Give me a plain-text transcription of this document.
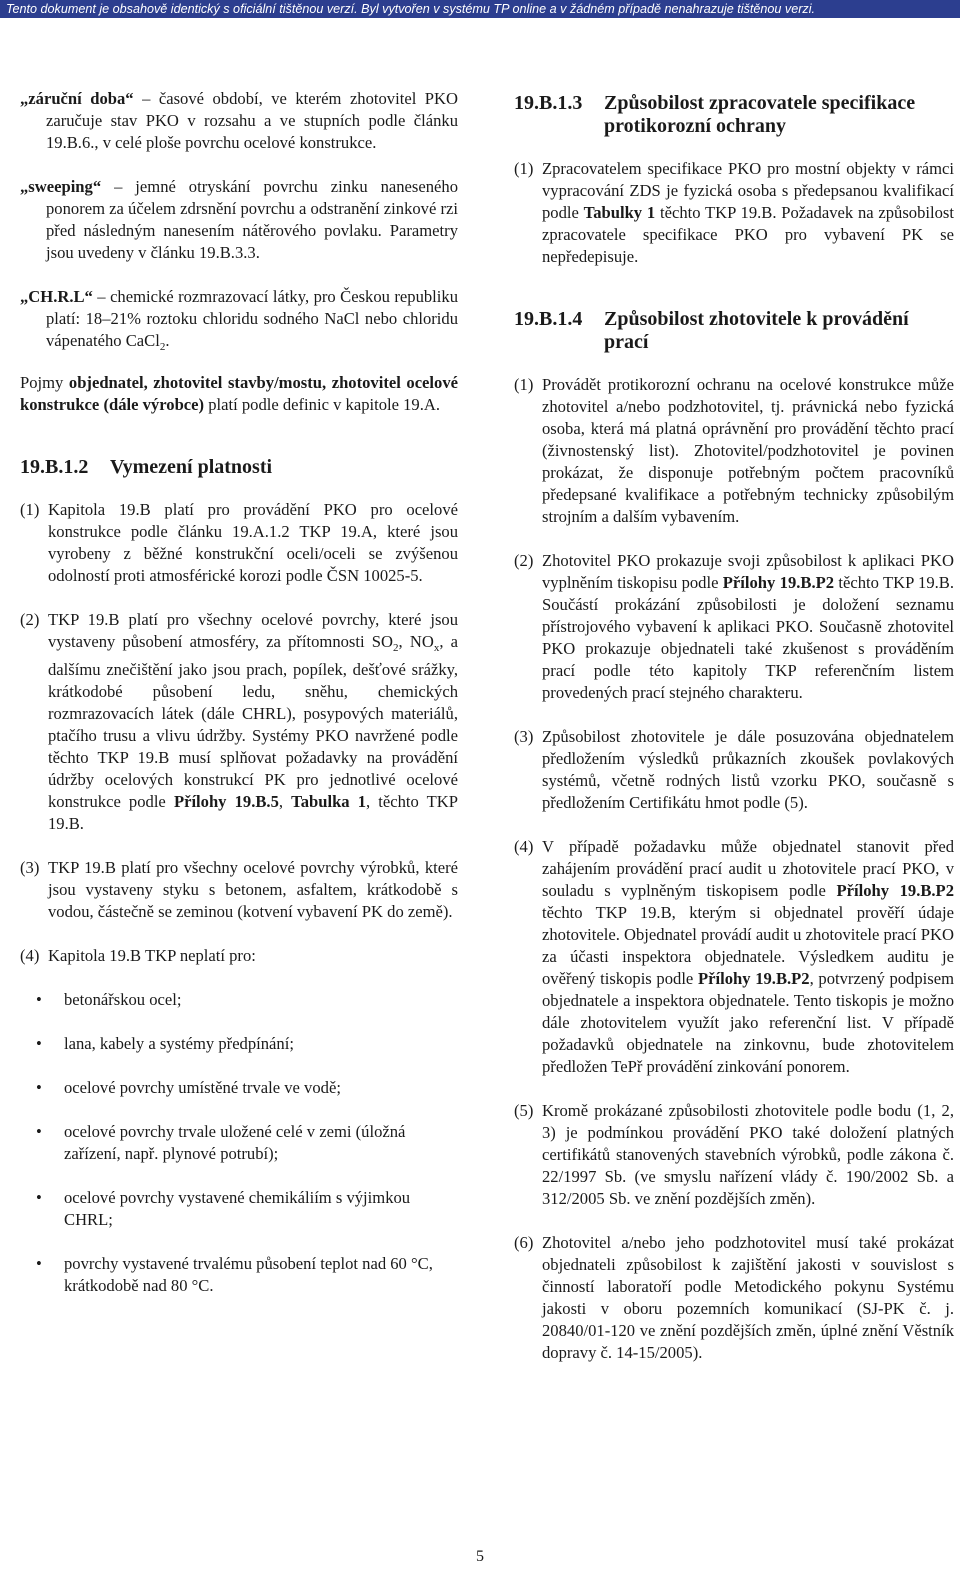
Tento dokument je obsahově identický s oficiální tištěnou verzí. Byl vytvořen v systému TP online a v žádném případě nenahrazuje tištěnou verzi.

„záruční doba“ – časové období, ve kterém zhotovitel PKO zaručuje stav PKO v rozsahu a ve stupních podle článku 19.B.6., v celé ploše povrchu ocelové konstrukce.

„sweeping“ – jemné otryskání povrchu zinku naneseného ponorem za účelem zdrsnění povrchu a odstranění zinkové rzi před následným nanesením nátěrového povlaku. Parametry jsou uvedeny v článku 19.B.3.3.

„CH.R.L“ – chemické rozmrazovací látky, pro Českou republiku platí: 18–21% roztoku chloridu sodného NaCl nebo chloridu vápenatého CaCl$_2$.

Pojmy objednatel, zhotovitel stavby/mostu, zhotovitel ocelové konstrukce (dále výrobce) platí podle definic v kapitole 19.A.

19.B.1.2	Vymezení platnosti
(1) Kapitola 19.B platí pro provádění PKO pro ocelové konstrukce podle článku 19.A.1.2 TKP 19.A, které jsou vyrobeny z běžné konstrukční oceli/oceli se zvýšenou odolností proti atmosférické korozi podle ČSN 10025-5.
(2) TKP 19.B platí pro všechny ocelové povrchy, které jsou vystaveny působení atmosféry, za přítomnosti $SO_2$, $NO_x$, a dalšímu znečištění jako jsou prach, popílek, dešťové srážky, krátkodobé působení ledu, sněhu, chemických rozmrazovacích látek (dále CHRL), posypových materiálů, ptačího trusu a vlivu údržby. Systémy PKO navržené podle těchto TKP 19.B musí splňovat požadavky na provádění údržby ocelových konstrukcí PK pro jednotlivé ocelové konstrukce podle Přílohy 19.B.5, Tabulka 1, těchto TKP 19.B.
(3) TKP 19.B platí pro všechny ocelové povrchy výrobků, které jsou vystaveny styku s betonem, asfaltem, krátkodobě s vodou, částečně se zeminou (kotvení vybavení PK do země).
(4) Kapitola 19.B TKP neplatí pro:
•	betonářskou ocel;
•	lana, kabely a systémy předpínání;
•	ocelové povrchy umístěné trvale ve vodě;
•	ocelové povrchy trvale uložené celé v zemi (úložná zařízení, např. plynové potrubí);
•	ocelové povrchy vystavené chemikáliím s výjimkou CHRL;
•	povrchy vystavené trvalému působení teplot nad 60 °C, krátkodobě nad 80 °C.
19.B.1.3	Způsobilost zpracovatele specifikace protikorozní ochrany
(1) Zpracovatelem specifikace PKO pro mostní objekty v rámci vypracování ZDS je fyzická osoba s předepsanou kvalifikací podle Tabulky 1 těchto TKP 19.B. Požadavek na způsobilost zpracovatele specifikace PKO pro vybavení PK se nepředepisuje.
19.B.1.4	Způsobilost zhotovitele k provádění prací
(1) Provádět protikorozní ochranu na ocelové konstrukce může zhotovitel a/nebo podzhotovitel, tj. právnická nebo fyzická osoba, která má platná oprávnění pro provádění těchto prací (živnostenský list). Zhotovitel/podzhotovitel je povinen prokázat, že disponuje potřebným počtem pracovníků předepsané kvalifikace a potřebným technicky způsobilým strojním a dalším vybavením.
(2) Zhotovitel PKO prokazuje svoji způsobilost k aplikaci PKO vyplněním tiskopisu podle Přílohy 19.B.P2 těchto TKP 19.B. Součástí prokázání způsobilosti je doložení seznamu přístrojového vybavení k aplikaci PKO. Současně zhotovitel PKO prokazuje objednateli také zkušenost s prováděním prací podle této kapitoly TKP referenčním listem provedených prací stejného charakteru.
(3) Způsobilost zhotovitele je dále posuzována objednatelem předložením výsledků průkazních zkoušek povlakových systémů, včetně rodných listů vzorku PKO, současně s předložením Certifikátu hmot podle (5).
(4) V případě požadavku může objednatel stanovit před zahájením provádění prací audit u zhotovitele prací PKO, v souladu s vyplněným tiskopisem podle Přílohy 19.B.P2 těchto TKP 19.B, kterým si objednatel prověří údaje zhotovitele. Objednatel provádí audit u zhotovitele prací PKO za účasti inspektora objednatele. Výsledkem auditu je ověřený tiskopis podle Přílohy 19.B.P2, potvrzený podpisem objednatele a inspektora objednatele. Tento tiskopis je možno dále zhotovitelem využít jako referenční list. V případě požadavků objednatele na zinkovnu, bude zhotovitelem předložen TePř provádění zinkování ponorem.
(5) Kromě prokázané způsobilosti zhotovitele podle bodu (1, 2, 3) je podmínkou provádění PKO také doložení platných certifikátů stanovených stavebních výrobků, podle zákona č. 22/1997 Sb. (ve smyslu nařízení vlády č. 190/2002 Sb. a 312/2005 Sb. ve znění pozdějších změn).
(6) Zhotovitel a/nebo jeho podzhotovitel musí také prokázat objednateli způsobilost k zajištění jakosti v souvislost s činností laboratoří podle Metodického pokynu Systému jakosti v oboru pozemních komunikací (SJ-PK č. j. 20840/01-120 ve znění pozdějších změn, úplné znění Věstník dopravy č. 14-15/2005).
5
